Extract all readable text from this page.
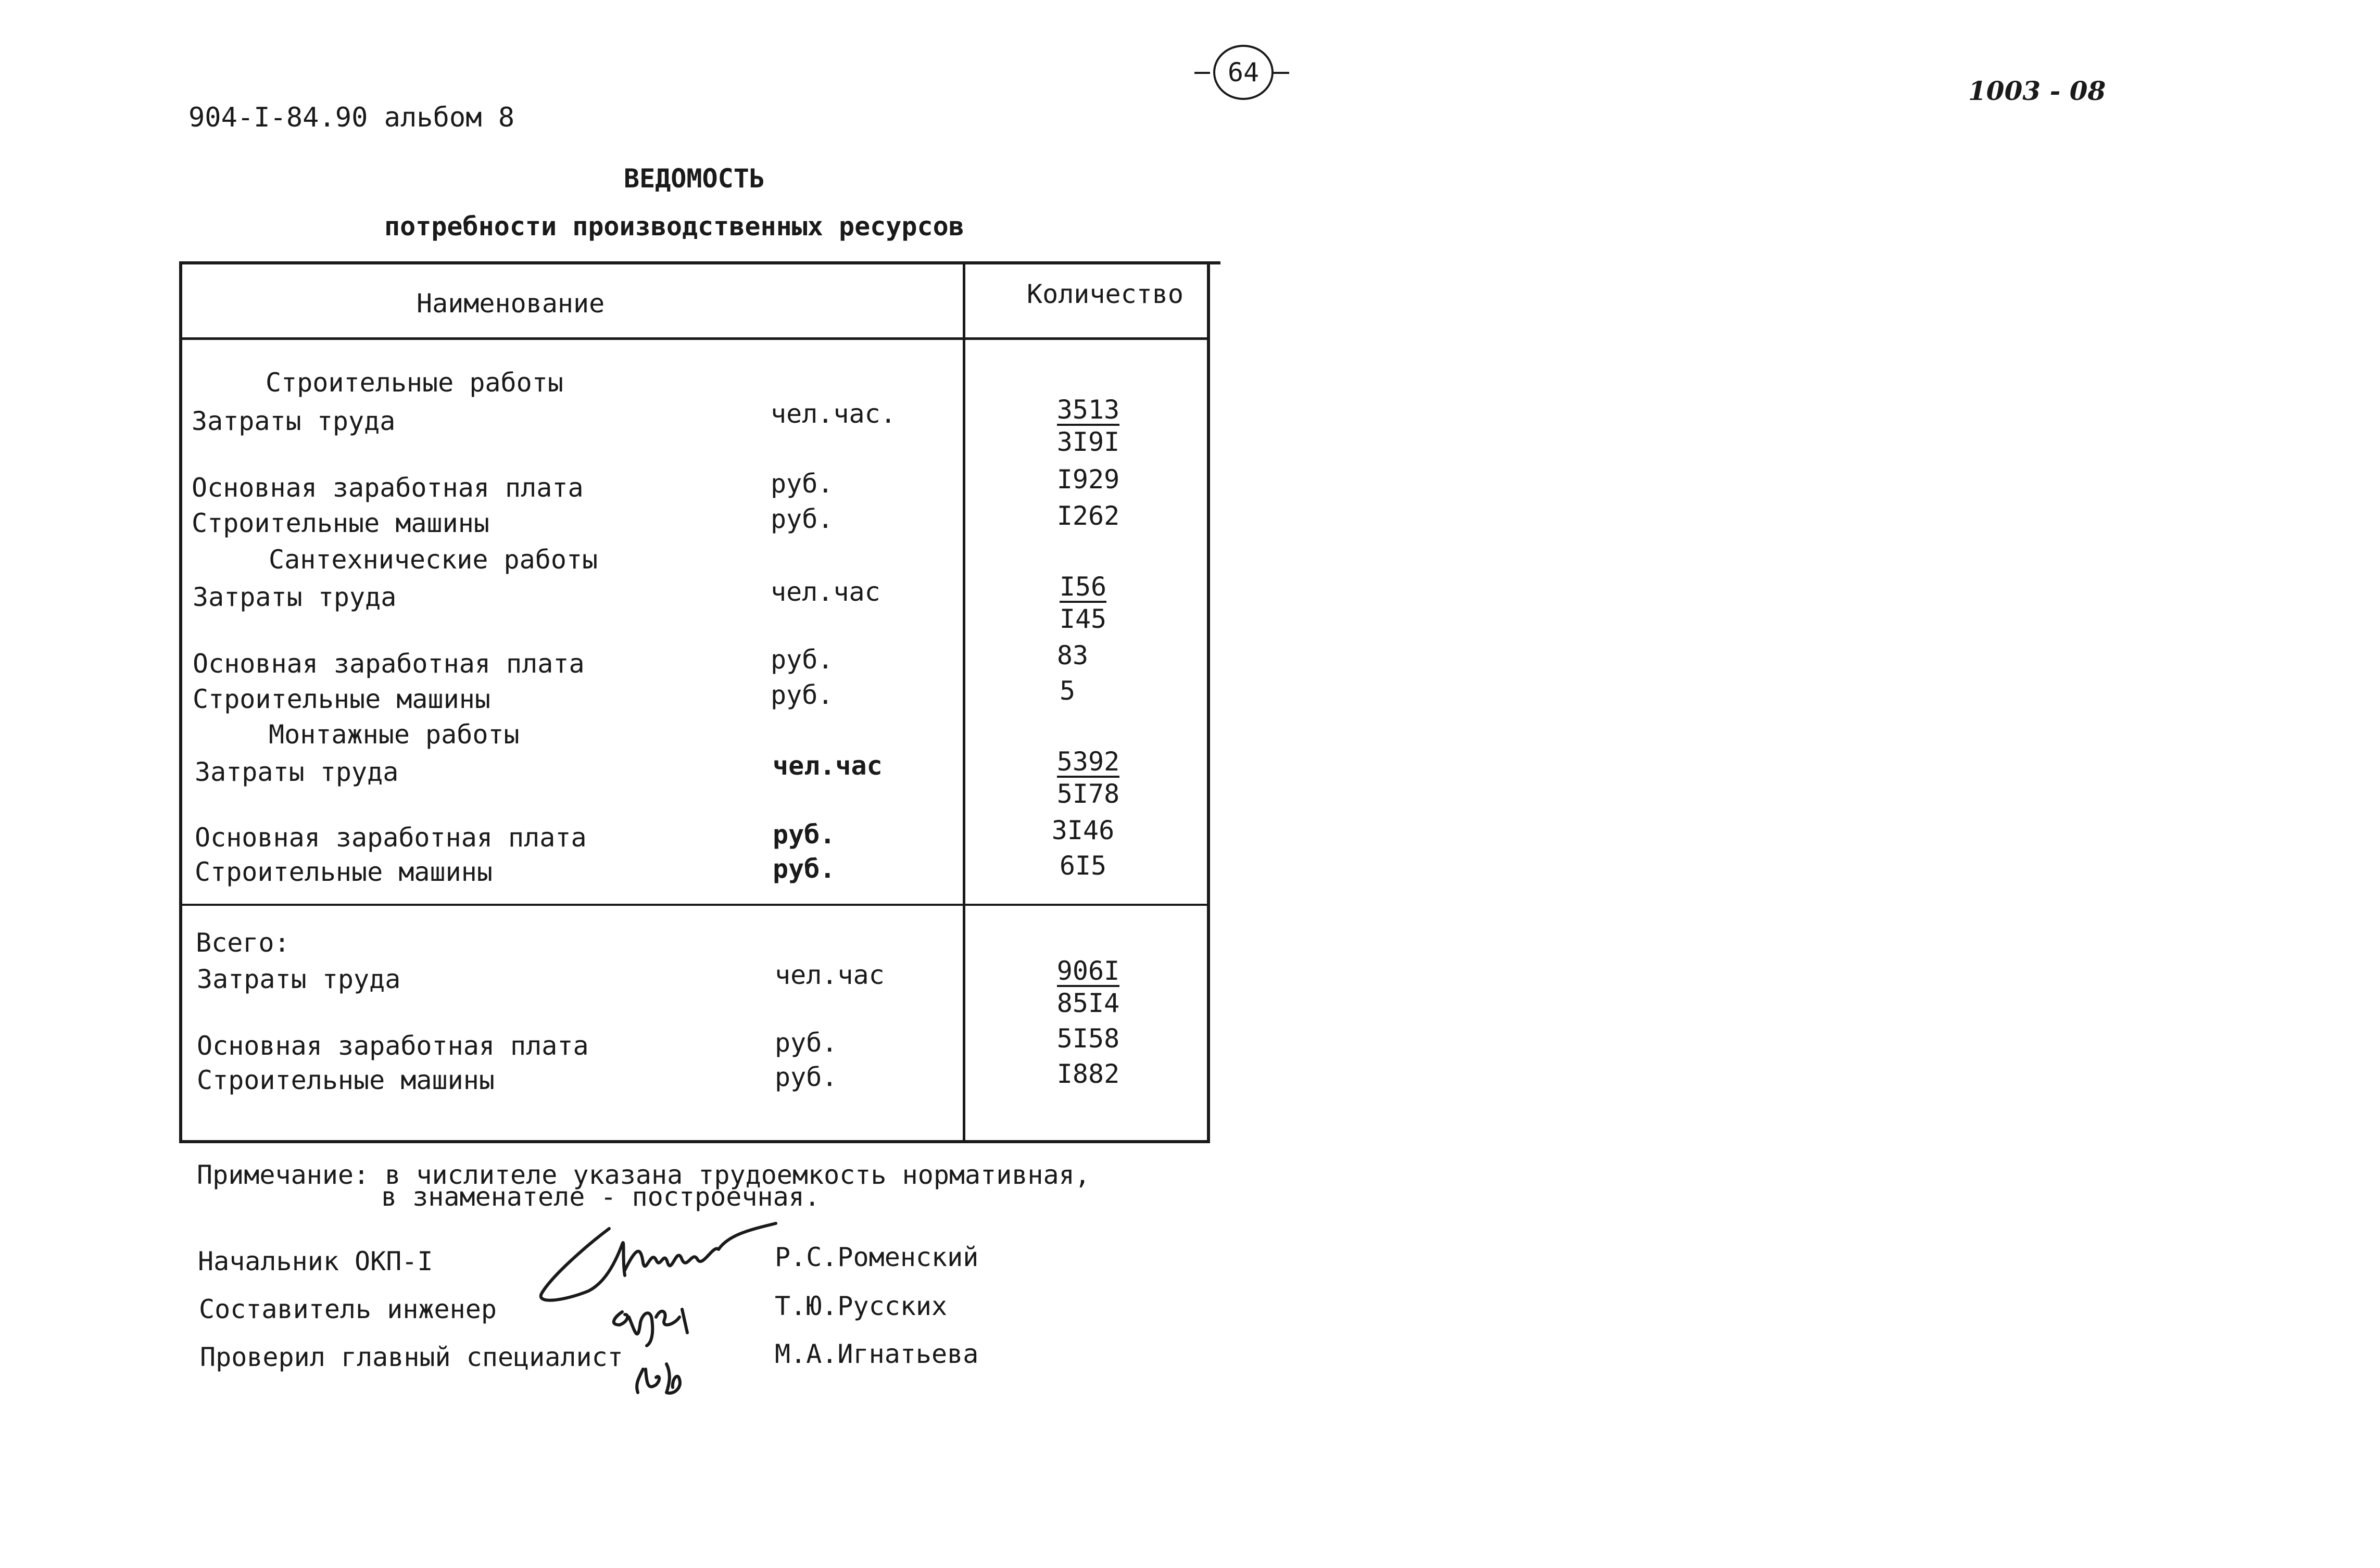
904-I-84.90 альбом 8
64
1003 - 08
ВЕДОМОСТЬ
потребности производственных ресурсов
Наименование	Количество
Строительные работы
Затраты труда	чел.час.	$\frac{3513}{3I9I}$
Основная заработная плата	руб.	I929
Строительные машины	руб.	I262
Сантехнические работы
Затраты труда	чел.час	$\frac{I56}{I45}$
Основная заработная плата	руб.	83
Строительные машины	руб.	5
Монтажные работы
Затраты труда	чел.час	$\frac{5392}{5I78}$
Основная заработная плата	руб.	3I46
Строительные машины	руб.	6I5
Всего:
Затраты труда	чел.час	$\frac{906I}{85I4}$
Основная заработная плата	руб.	5I58
Строительные машины	руб.	I882
Примечание: в числителе указана трудоемкость нормативная,
в знаменателе - построечная.
Начальник ОКП-I	Р.С.Роменский
Составитель инженер	Т.Ю.Русских
Проверил главный специалист	М.А.Игнатьева
